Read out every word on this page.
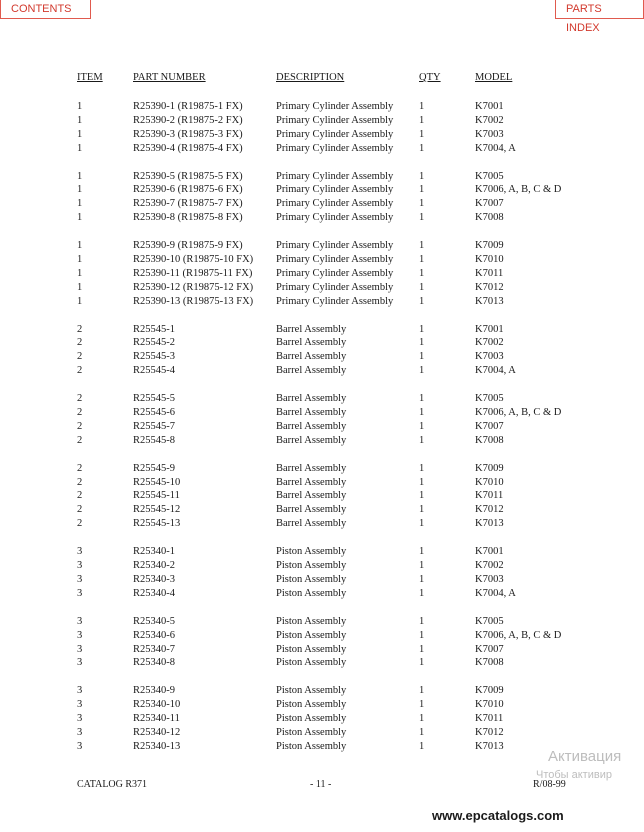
CONTENTS	PARTS INDEX
ITEM	PART NUMBER	DESCRIPTION	QTY	MODEL
1	R25390-1 (R19875-1 FX)	Primary Cylinder Assembly 1	K7001
1	R25390-2 (R19875-2 FX)	Primary Cylinder Assembly 1	K7002
1	R25390-3 (R19875-3 FX)	Primary Cylinder Assembly 1	K7003
1	R25390-4 (R19875-4 FX)	Primary Cylinder Assembly 1	K7004, A
1	R25390-5 (R19875-5 FX)	Primary Cylinder Assembly 1	K7005
1	R25390-6 (R19875-6 FX)	Primary Cylinder Assembly 1	K7006, A, B, C & D
1	R25390-7 (R19875-7 FX)	Primary Cylinder Assembly 1	K7007
1	R25390-8 (R19875-8 FX)	Primary Cylinder Assembly 1	K7008
1	R25390-9 (R19875-9 FX)	Primary Cylinder Assembly 1	K7009
1	R25390-10 (R19875-10 FX) Primary Cylinder Assembly 1	K7010
1	R25390-11 (R19875-11 FX) Primary Cylinder Assembly 1	K7011
1	R25390-12 (R19875-12 FX) Primary Cylinder Assembly 1	K7012
1	R25390-13 (R19875-13 FX) Primary Cylinder Assembly 1	K7013
2	R25545-1	Barrel Assembly	1	K7001
2	R25545-2	Barrel Assembly	1	K7002
2	R25545-3	Barrel Assembly	1	K7003
2	R25545-4	Barrel Assembly	1	K7004, A
2	R25545-5	Barrel Assembly	1	K7005
2	R25545-6	Barrel Assembly	1	K7006, A, B, C & D
2	R25545-7	Barrel Assembly	1	K7007
2	R25545-8	Barrel Assembly	1	K7008
2	R25545-9	Barrel Assembly	1	K7009
2	R25545-10	Barrel Assembly	1	K7010
2	R25545-11	Barrel Assembly	1	K7011
2	R25545-12	Barrel Assembly	1	K7012
2	R25545-13	Barrel Assembly	1	K7013
3	R25340-1	Piston Assembly	1	K7001
3	R25340-2	Piston Assembly	1	K7002
3	R25340-3	Piston Assembly	1	K7003
3	R25340-4	Piston Assembly	1	K7004, A
3	R25340-5	Piston Assembly	1	K7005
3	R25340-6	Piston Assembly	1	K7006, A, B, C & D
3	R25340-7	Piston Assembly	1	K7007
3	R25340-8	Piston Assembly	1	K7008
3	R25340-9	Piston Assembly	1	K7009
3	R25340-10	Piston Assembly	1	K7010
3	R25340-11	Piston Assembly	1	K7011
3	R25340-12	Piston Assembly	1	K7012
3	R25340-13	Piston Assembly	1	K7013
CATALOG R371	- 11 -	R/08-99
Активация
Чтобы активир
www.epcatalogs.com
